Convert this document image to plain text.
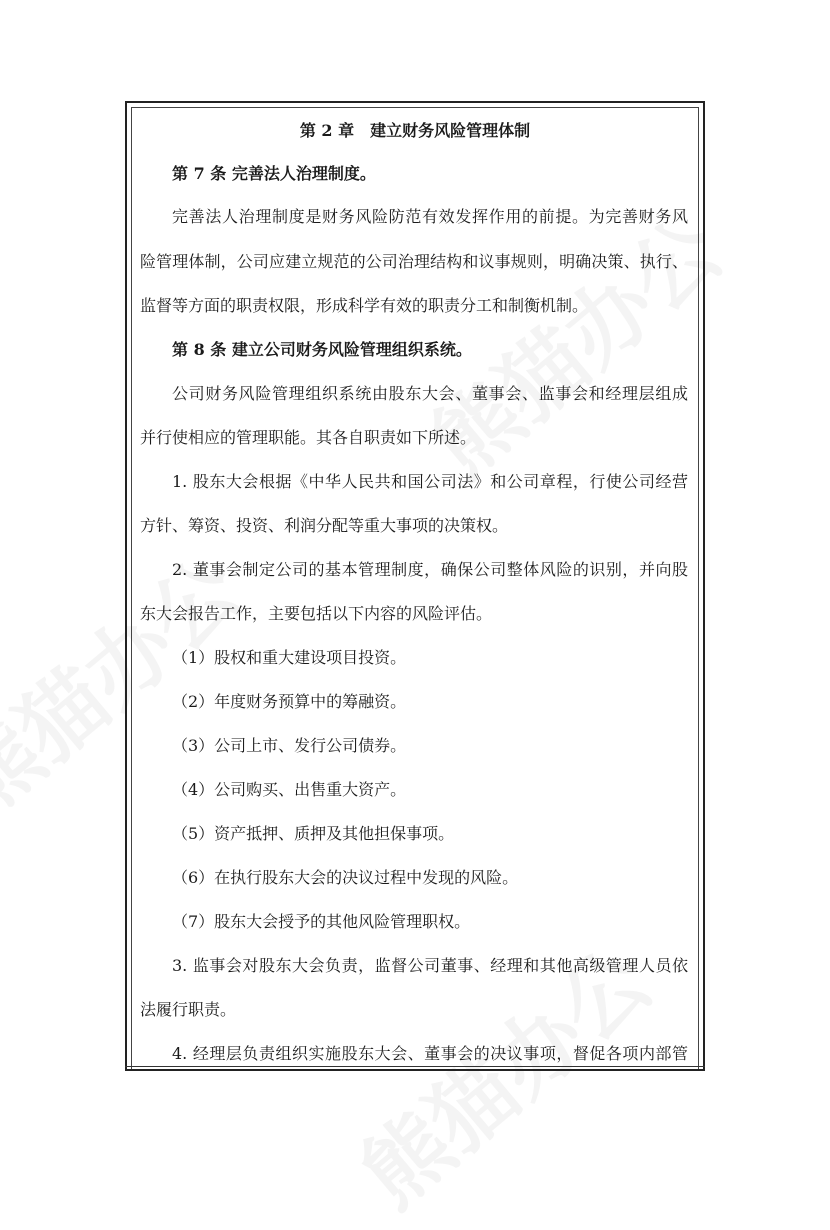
第 2 章　建立财务风险管理体制
第 7 条 完善法人治理制度。
完善法人治理制度是财务风险防范有效发挥作用的前提。为完善财务风
险管理体制，公司应建立规范的公司治理结构和议事规则，明确决策、执行、
监督等方面的职责权限，形成科学有效的职责分工和制衡机制。
第 8 条 建立公司财务风险管理组织系统。
公司财务风险管理组织系统由股东大会、董事会、监事会和经理层组成
并行使相应的管理职能。其各自职责如下所述。
1. 股东大会根据《中华人民共和国公司法》和公司章程，行使公司经营
方针、筹资、投资、利润分配等重大事项的决策权。
2. 董事会制定公司的基本管理制度，确保公司整体风险的识别，并向股
东大会报告工作，主要包括以下内容的风险评估。
（1）股权和重大建设项目投资。
（2）年度财务预算中的筹融资。
（3）公司上市、发行公司债券。
（4）公司购买、出售重大资产。
（5）资产抵押、质押及其他担保事项。
（6）在执行股东大会的决议过程中发现的风险。
（7）股东大会授予的其他风险管理职权。
3. 监事会对股东大会负责，监督公司董事、经理和其他高级管理人员依
法履行职责。
4. 经理层负责组织实施股东大会、董事会的决议事项，督促各项内部管
